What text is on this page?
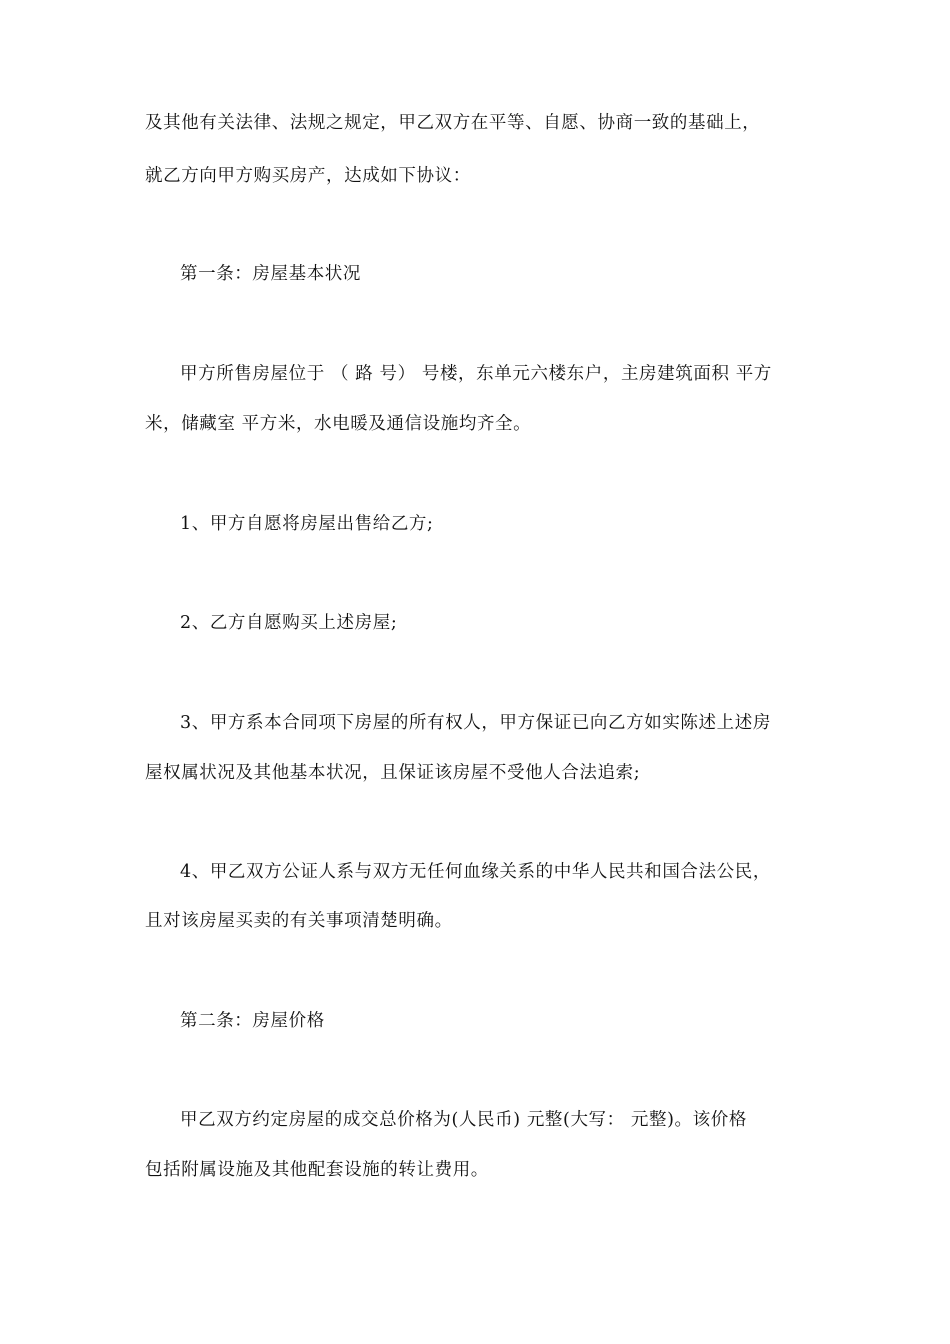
及其他有关法律、法规之规定，甲乙双方在平等、自愿、协商一致的基础上，
就乙方向甲方购买房产，达成如下协议：
第一条：房屋基本状况
甲方所售房屋位于 （ 路 号） 号楼，东单元六楼东户，主房建筑面积 平方
米，储藏室 平方米，水电暖及通信设施均齐全。
1、甲方自愿将房屋出售给乙方;
2、乙方自愿购买上述房屋;
3、甲方系本合同项下房屋的所有权人，甲方保证已向乙方如实陈述上述房
屋权属状况及其他基本状况，且保证该房屋不受他人合法追索;
4、甲乙双方公证人系与双方无任何血缘关系的中华人民共和国合法公民，
且对该房屋买卖的有关事项清楚明确。
第二条：房屋价格
甲乙双方约定房屋的成交总价格为(人民币) 元整(大写： 元整)。该价格
包括附属设施及其他配套设施的转让费用。
